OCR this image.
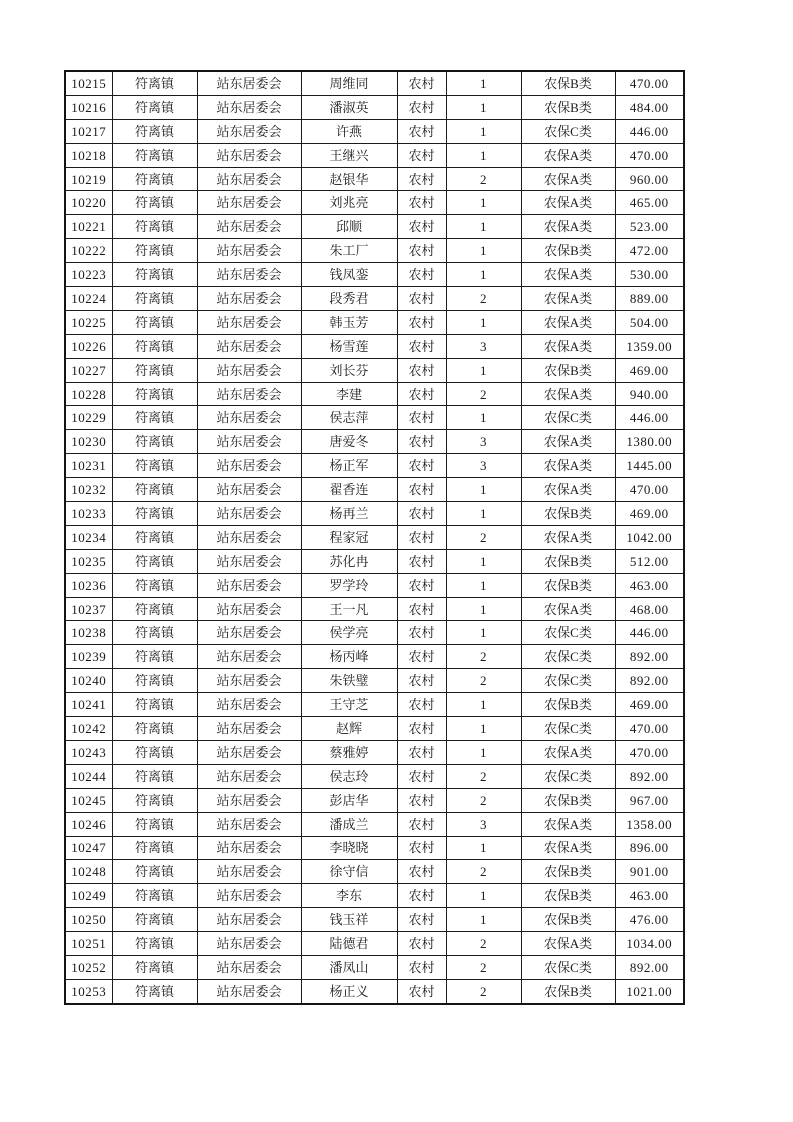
10215	符离镇	站东居委会	周维同	农村	1	农保B类	470.00
10216	符离镇	站东居委会	潘淑英	农村	1	农保B类	484.00
10217	符离镇	站东居委会	许燕	农村	1	农保C类	446.00
10218	符离镇	站东居委会	王继兴	农村	1	农保A类	470.00
10219	符离镇	站东居委会	赵银华	农村	2	农保A类	960.00
10220	符离镇	站东居委会	刘兆亮	农村	1	农保A类	465.00
10221	符离镇	站东居委会	邱顺	农村	1	农保A类	523.00
10222	符离镇	站东居委会	朱工厂	农村	1	农保B类	472.00
10223	符离镇	站东居委会	钱凤銮	农村	1	农保A类	530.00
10224	符离镇	站东居委会	段秀君	农村	2	农保A类	889.00
10225	符离镇	站东居委会	韩玉芳	农村	1	农保A类	504.00
10226	符离镇	站东居委会	杨雪莲	农村	3	农保A类	1359.00
10227	符离镇	站东居委会	刘长芬	农村	1	农保B类	469.00
10228	符离镇	站东居委会	李建	农村	2	农保A类	940.00
10229	符离镇	站东居委会	侯志萍	农村	1	农保C类	446.00
10230	符离镇	站东居委会	唐爱冬	农村	3	农保A类	1380.00
10231	符离镇	站东居委会	杨正军	农村	3	农保A类	1445.00
10232	符离镇	站东居委会	翟香连	农村	1	农保A类	470.00
10233	符离镇	站东居委会	杨再兰	农村	1	农保B类	469.00
10234	符离镇	站东居委会	程家冠	农村	2	农保A类	1042.00
10235	符离镇	站东居委会	苏化冉	农村	1	农保B类	512.00
10236	符离镇	站东居委会	罗学玲	农村	1	农保B类	463.00
10237	符离镇	站东居委会	王一凡	农村	1	农保A类	468.00
10238	符离镇	站东居委会	侯学亮	农村	1	农保C类	446.00
10239	符离镇	站东居委会	杨丙峰	农村	2	农保C类	892.00
10240	符离镇	站东居委会	朱铁璧	农村	2	农保C类	892.00
10241	符离镇	站东居委会	王守芝	农村	1	农保B类	469.00
10242	符离镇	站东居委会	赵辉	农村	1	农保C类	470.00
10243	符离镇	站东居委会	蔡雅婷	农村	1	农保A类	470.00
10244	符离镇	站东居委会	侯志玲	农村	2	农保C类	892.00
10245	符离镇	站东居委会	彭店华	农村	2	农保B类	967.00
10246	符离镇	站东居委会	潘成兰	农村	3	农保A类	1358.00
10247	符离镇	站东居委会	李晓晓	农村	1	农保A类	896.00
10248	符离镇	站东居委会	徐守信	农村	2	农保B类	901.00
10249	符离镇	站东居委会	李东	农村	1	农保B类	463.00
10250	符离镇	站东居委会	钱玉祥	农村	1	农保B类	476.00
10251	符离镇	站东居委会	陆德君	农村	2	农保A类	1034.00
10252	符离镇	站东居委会	潘凤山	农村	2	农保C类	892.00
10253	符离镇	站东居委会	杨正义	农村	2	农保B类	1021.00
